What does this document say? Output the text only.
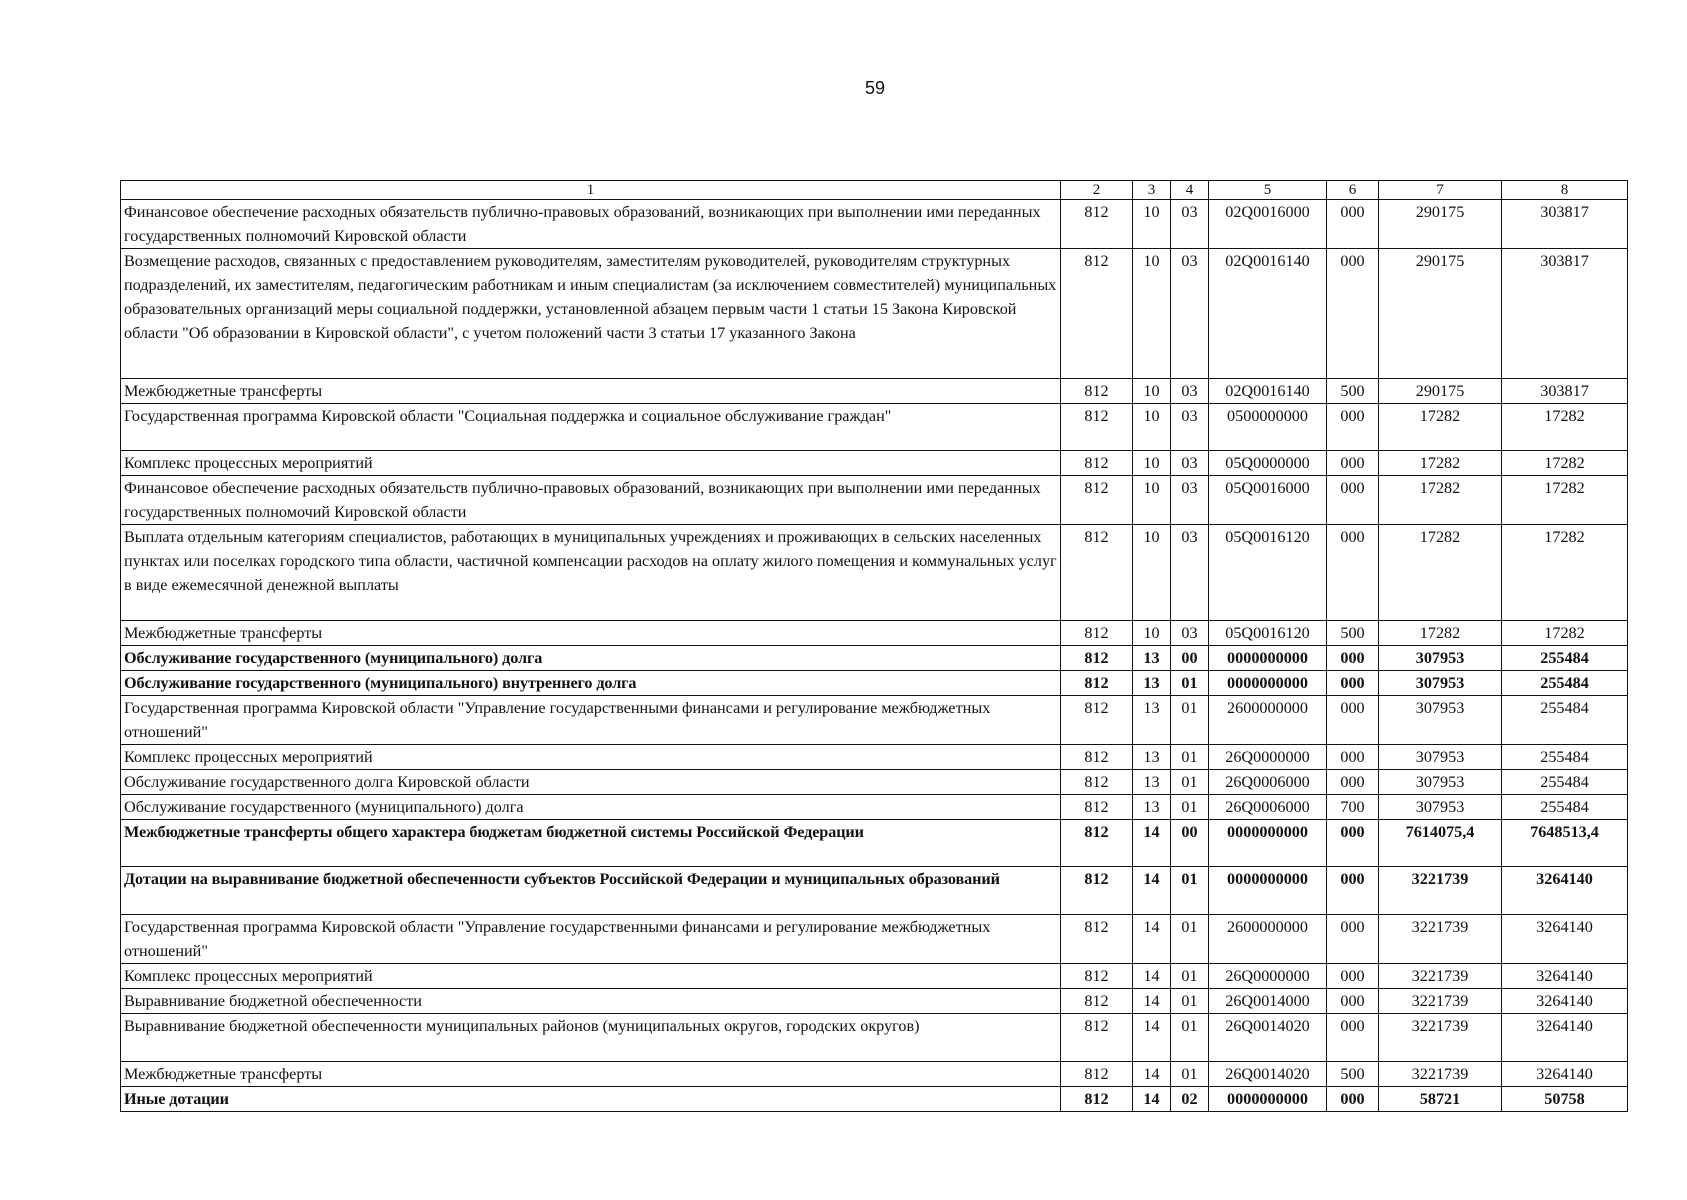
59
1	2	3	4	5	6	7	8
Финансовое обеспечение расходных обязательств публично-правовых образований, возникающих при выполнении ими переданных государственных полномочий Кировской области	812	10	03	02Q0016000	000	290175	303817
Возмещение расходов, связанных с предоставлением руководителям, заместителям руководителей, руководителям структурных подразделений, их заместителям, педагогическим работникам и иным специалистам (за исключением совместителей) муниципальных образовательных организаций меры социальной поддержки, установленной абзацем первым части 1 статьи 15 Закона Кировской области "Об образовании в Кировской области", с учетом положений части 3 статьи 17 указанного Закона	812	10	03	02Q0016140	000	290175	303817
Межбюджетные трансферты	812	10	03	02Q0016140	500	290175	303817
Государственная программа Кировской области "Социальная поддержка и социальное обслуживание граждан"	812	10	03	0500000000	000	17282	17282
Комплекс процессных мероприятий	812	10	03	05Q0000000	000	17282	17282
Финансовое обеспечение расходных обязательств публично-правовых образований, возникающих при выполнении ими переданных государственных полномочий Кировской области	812	10	03	05Q0016000	000	17282	17282
Выплата отдельным категориям специалистов, работающих в муниципальных учреждениях и проживающих в сельских населенных пунктах или поселках городского типа области, частичной компенсации расходов на оплату жилого помещения и коммунальных услуг в виде ежемесячной денежной выплаты	812	10	03	05Q0016120	000	17282	17282
Межбюджетные трансферты	812	10	03	05Q0016120	500	17282	17282
Обслуживание государственного (муниципального) долга	812	13	00	0000000000	000	307953	255484
Обслуживание государственного (муниципального) внутреннего долга	812	13	01	0000000000	000	307953	255484
Государственная программа Кировской области "Управление государственными финансами и регулирование межбюджетных отношений"	812	13	01	2600000000	000	307953	255484
Комплекс процессных мероприятий	812	13	01	26Q0000000	000	307953	255484
Обслуживание государственного долга Кировской области	812	13	01	26Q0006000	000	307953	255484
Обслуживание государственного (муниципального) долга	812	13	01	26Q0006000	700	307953	255484
Межбюджетные трансферты общего характера бюджетам бюджетной системы Российской Федерации	812	14	00	0000000000	000	7614075,4	7648513,4
Дотации на выравнивание бюджетной обеспеченности субъектов Российской Федерации и муниципальных образований	812	14	01	0000000000	000	3221739	3264140
Государственная программа Кировской области "Управление государственными финансами и регулирование межбюджетных отношений"	812	14	01	2600000000	000	3221739	3264140
Комплекс процессных мероприятий	812	14	01	26Q0000000	000	3221739	3264140
Выравнивание бюджетной обеспеченности	812	14	01	26Q0014000	000	3221739	3264140
Выравнивание бюджетной обеспеченности муниципальных районов (муниципальных округов, городских округов)	812	14	01	26Q0014020	000	3221739	3264140
Межбюджетные трансферты	812	14	01	26Q0014020	500	3221739	3264140
Иные дотации	812	14	02	0000000000	000	58721	50758
